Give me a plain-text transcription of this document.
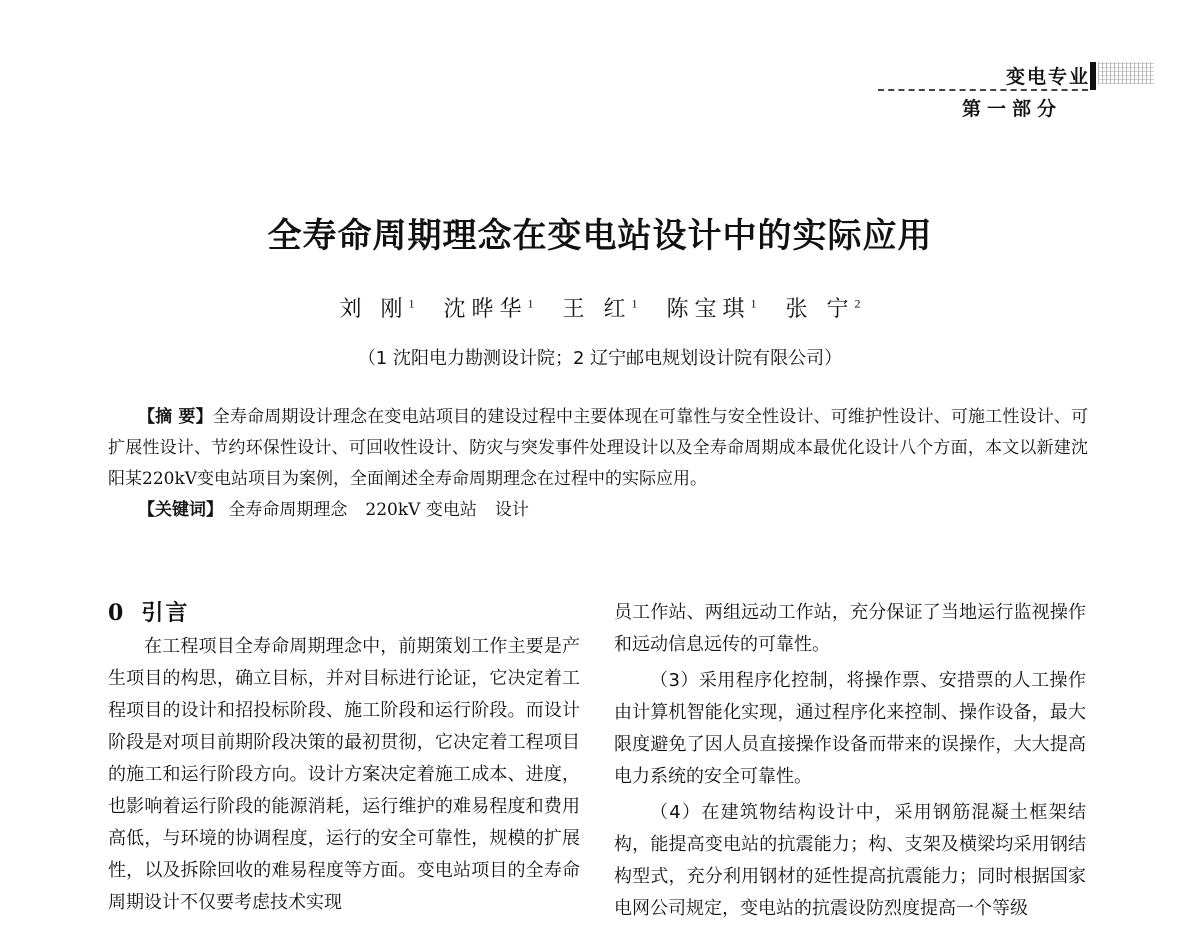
变电专业
第一部分
全寿命周期理念在变电站设计中的实际应用
刘 刚$^1$ 沈晔华$^1$ 王 红$^1$ 陈宝琪$^1$ 张 宁$^2$
（1 沈阳电力勘测设计院；2 辽宁邮电规划设计院有限公司）

【摘 要】全寿命周期设计理念在变电站项目的建设过程中主要体现在可靠性与安全性设计、可维护性设计、可施工性设计、可扩展性设计、节约环保性设计、可回收性设计、防灾与突发事件处理设计以及全寿命周期成本最优化设计八个方面，本文以新建沈阳某220kV变电站项目为案例，全面阐述全寿命周期理念在过程中的实际应用。

【关键词】 全寿命周期理念 220kV 变电站 设计

0 引言

在工程项目全寿命周期理念中，前期策划工作主要是产生项目的构思，确立目标，并对目标进行论证，它决定着工程项目的设计和招投标阶段、施工阶段和运行阶段。而设计阶段是对项目前期阶段决策的最初贯彻，它决定着工程项目的施工和运行阶段方向。设计方案决定着施工成本、进度，也影响着运行阶段的能源消耗，运行维护的难易程度和费用高低，与环境的协调程度，运行的安全可靠性，规模的扩展性，以及拆除回收的难易程度等方面。变电站项目的全寿命周期设计不仅要考虑技术实现

员工作站、两组远动工作站，充分保证了当地运行监视操作和远动信息远传的可靠性。

（3）采用程序化控制，将操作票、安措票的人工操作由计算机智能化实现，通过程序化来控制、操作设备，最大限度避免了因人员直接操作设备而带来的误操作，大大提高电力系统的安全可靠性。

（4）在建筑物结构设计中，采用钢筋混凝土框架结构，能提高变电站的抗震能力；构、支架及横梁均采用钢结构型式，充分利用钢材的延性提高抗震能力；同时根据国家电网公司规定，变电站的抗震设防烈度提高一个等级
